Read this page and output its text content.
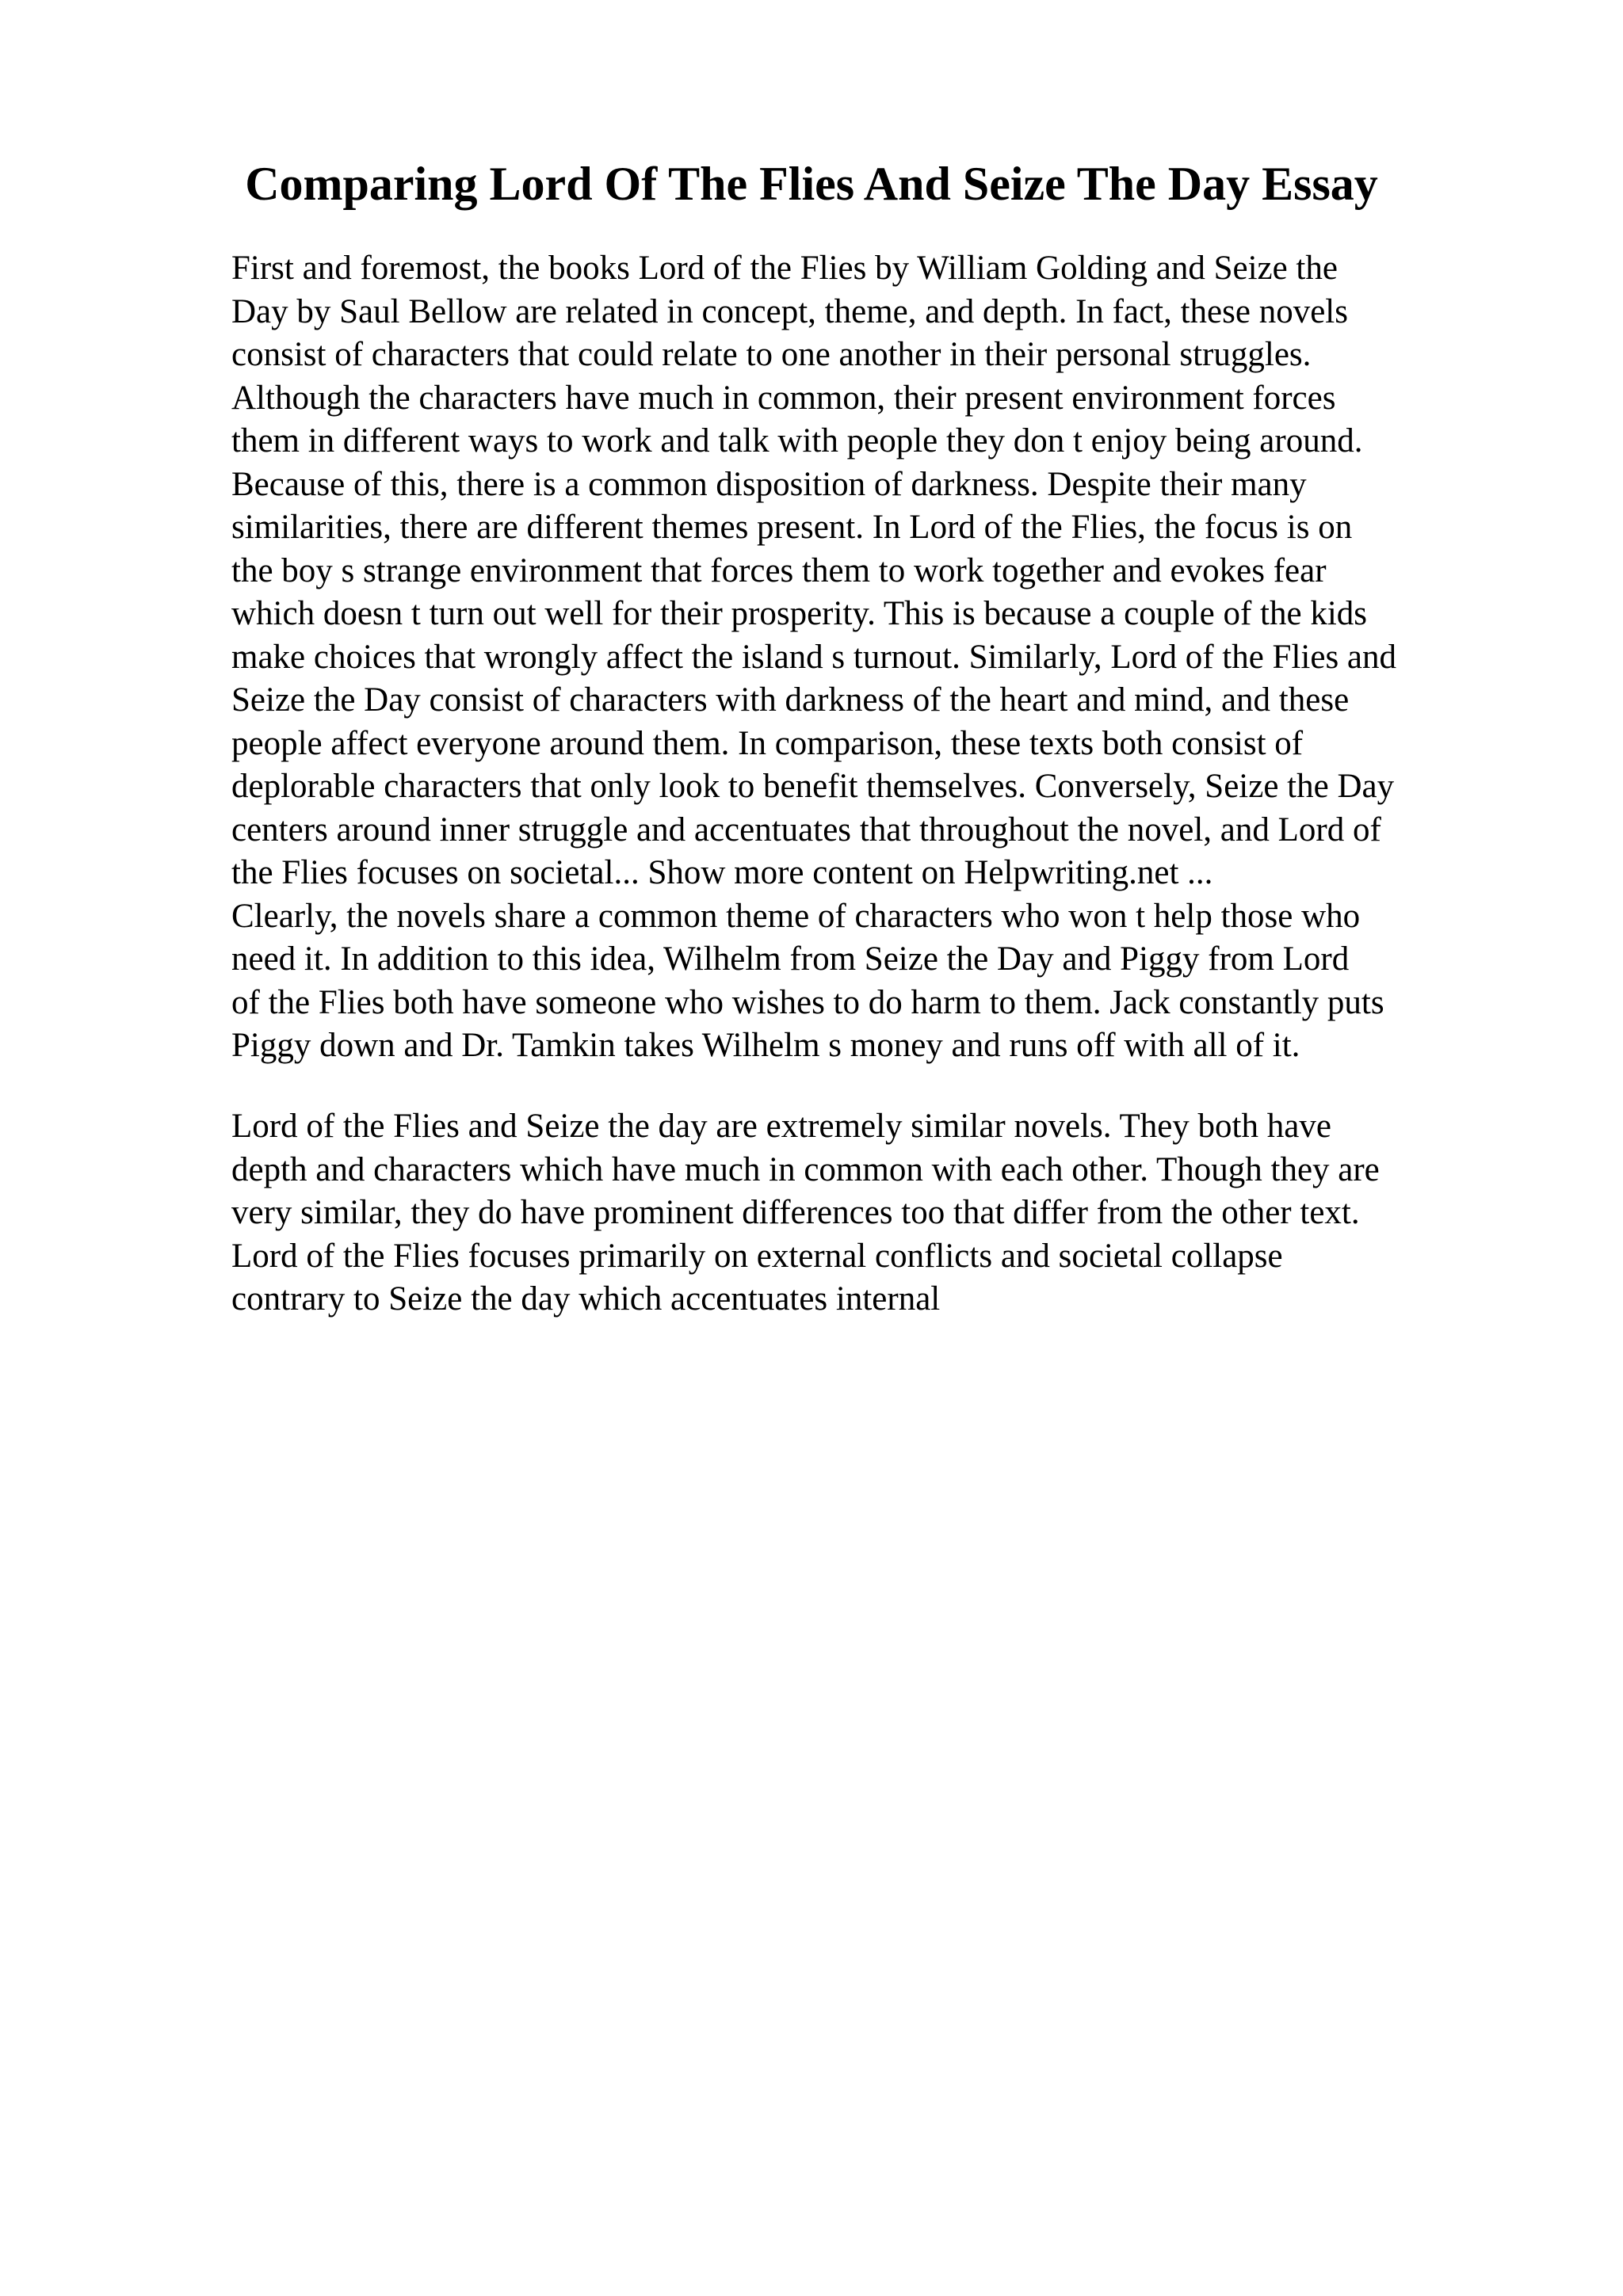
Comparing Lord Of The Flies And Seize The Day Essay
First and foremost, the books Lord of the Flies by William Golding and Seize the
Day by Saul Bellow are related in concept, theme, and depth. In fact, these novels
consist of characters that could relate to one another in their personal struggles.
Although the characters have much in common, their present environment forces
them in different ways to work and talk with people they don t enjoy being around.
Because of this, there is a common disposition of darkness. Despite their many
similarities, there are different themes present. In Lord of the Flies, the focus is on
the boy s strange environment that forces them to work together and evokes fear
which doesn t turn out well for their prosperity. This is because a couple of the kids
make choices that wrongly affect the island s turnout. Similarly, Lord of the Flies and
Seize the Day consist of characters with darkness of the heart and mind, and these
people affect everyone around them. In comparison, these texts both consist of
deplorable characters that only look to benefit themselves. Conversely, Seize the Day
centers around inner struggle and accentuates that throughout the novel, and Lord of
the Flies focuses on societal... Show more content on Helpwriting.net ...
Clearly, the novels share a common theme of characters who won t help those who
need it. In addition to this idea, Wilhelm from Seize the Day and Piggy from Lord
of the Flies both have someone who wishes to do harm to them. Jack constantly puts
Piggy down and Dr. Tamkin takes Wilhelm s money and runs off with all of it.
Lord of the Flies and Seize the day are extremely similar novels. They both have
depth and characters which have much in common with each other. Though they are
very similar, they do have prominent differences too that differ from the other text.
Lord of the Flies focuses primarily on external conflicts and societal collapse
contrary to Seize the day which accentuates internal
